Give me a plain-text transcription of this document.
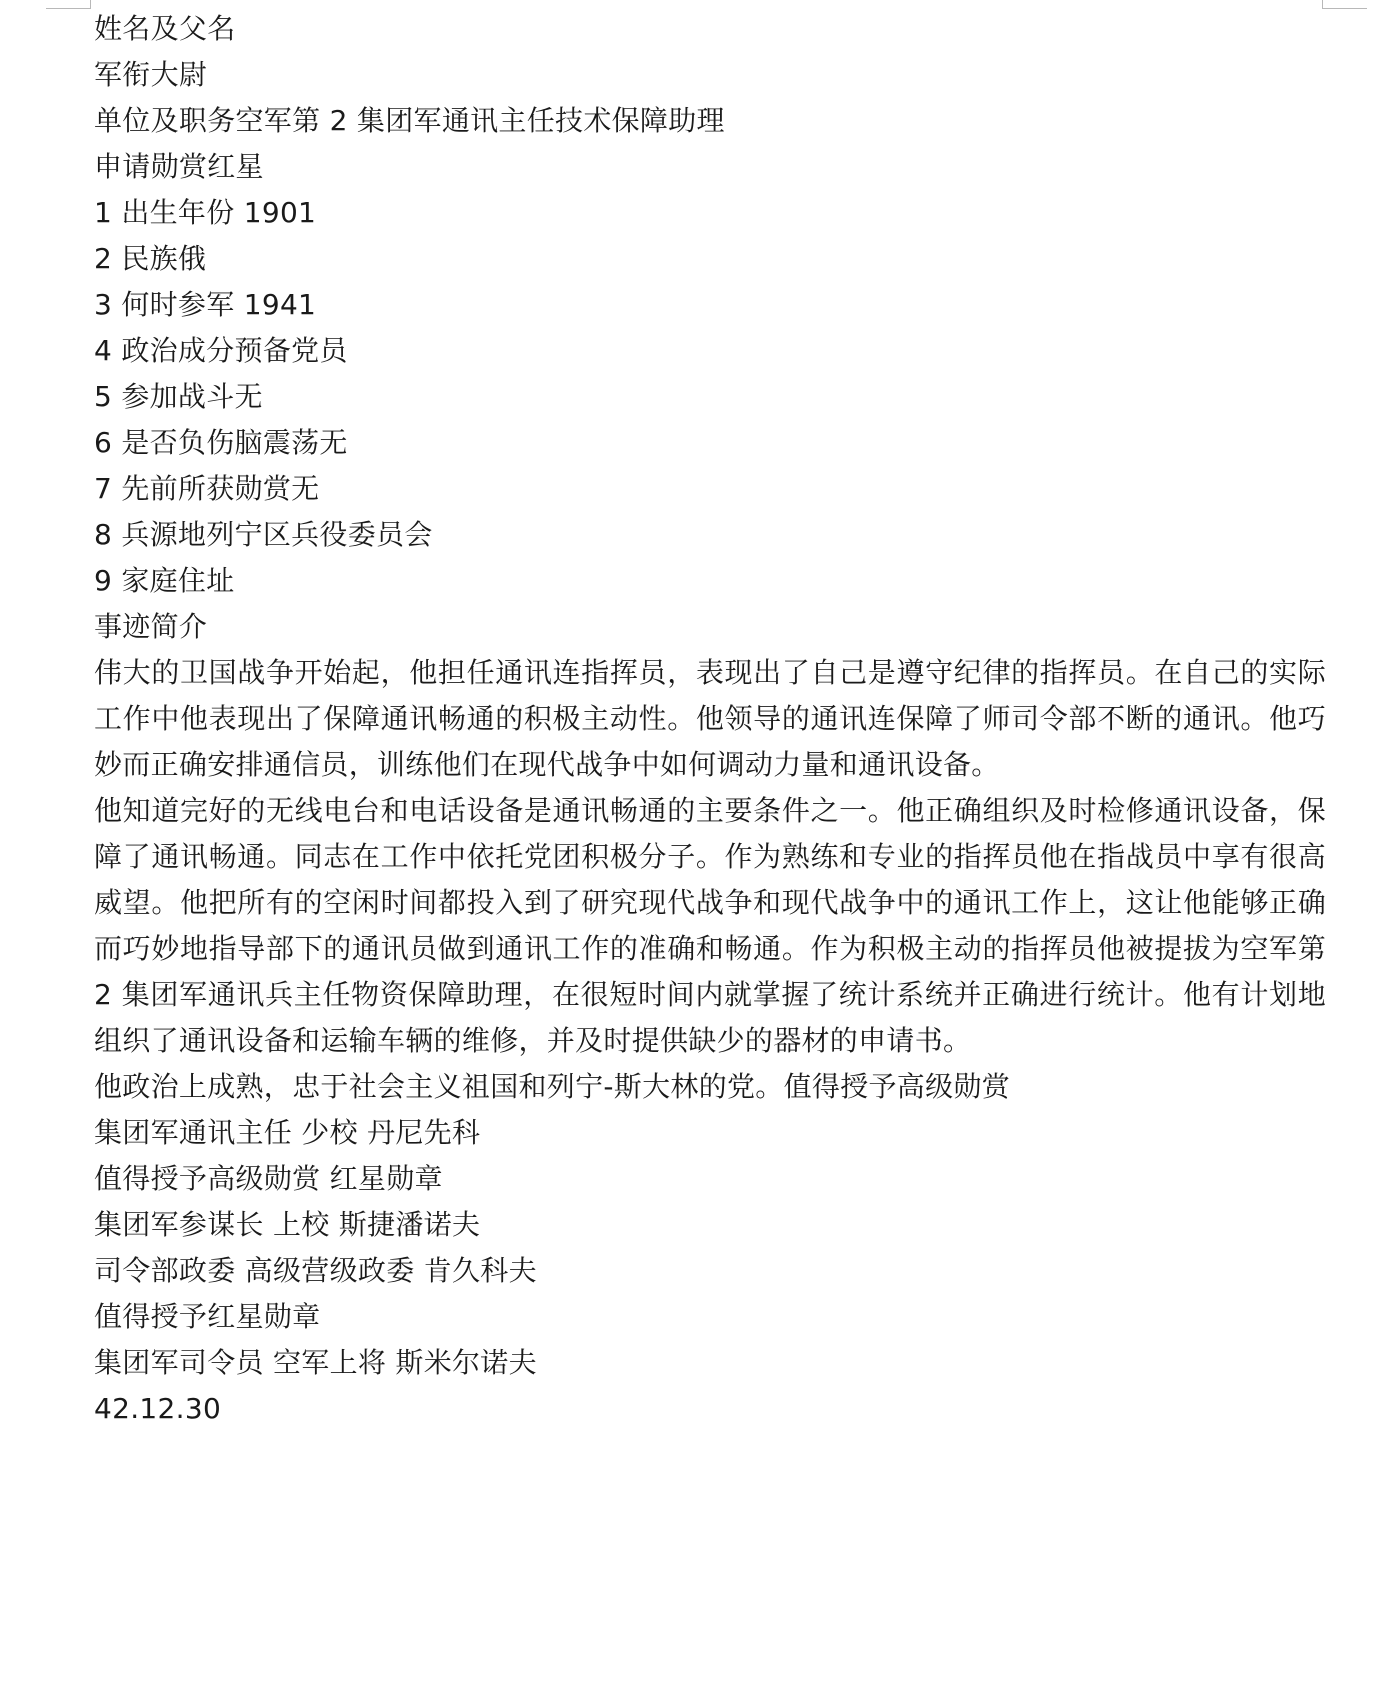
姓名及父名
军衔大尉
单位及职务空军第 2 集团军通讯主任技术保障助理
申请勋赏红星
1 出生年份 1901
2 民族俄
3 何时参军 1941
4 政治成分预备党员
5 参加战斗无
6 是否负伤脑震荡无
7 先前所获勋赏无
8 兵源地列宁区兵役委员会
9 家庭住址
事迹简介
伟大的卫国战争开始起，他担任通讯连指挥员，表现出了自己是遵守纪律的指挥员。在自己的实际工作中他表现出了保障通讯畅通的积极主动性。他领导的通讯连保障了师司令部不断的通讯。他巧妙而正确安排通信员，训练他们在现代战争中如何调动力量和通讯设备。
他知道完好的无线电台和电话设备是通讯畅通的主要条件之一。他正确组织及时检修通讯设备，保障了通讯畅通。同志在工作中依托党团积极分子。作为熟练和专业的指挥员他在指战员中享有很高威望。他把所有的空闲时间都投入到了研究现代战争和现代战争中的通讯工作上，这让他能够正确而巧妙地指导部下的通讯员做到通讯工作的准确和畅通。作为积极主动的指挥员他被提拔为空军第 2 集团军通讯兵主任物资保障助理，在很短时间内就掌握了统计系统并正确进行统计。他有计划地组织了通讯设备和运输车辆的维修，并及时提供缺少的器材的申请书。
他政治上成熟，忠于社会主义祖国和列宁-斯大林的党。值得授予高级勋赏
集团军通讯主任 少校 丹尼先科
值得授予高级勋赏 红星勋章
集团军参谋长 上校 斯捷潘诺夫
司令部政委 高级营级政委 肯久科夫
值得授予红星勋章
集团军司令员 空军上将 斯米尔诺夫
42.12.30
